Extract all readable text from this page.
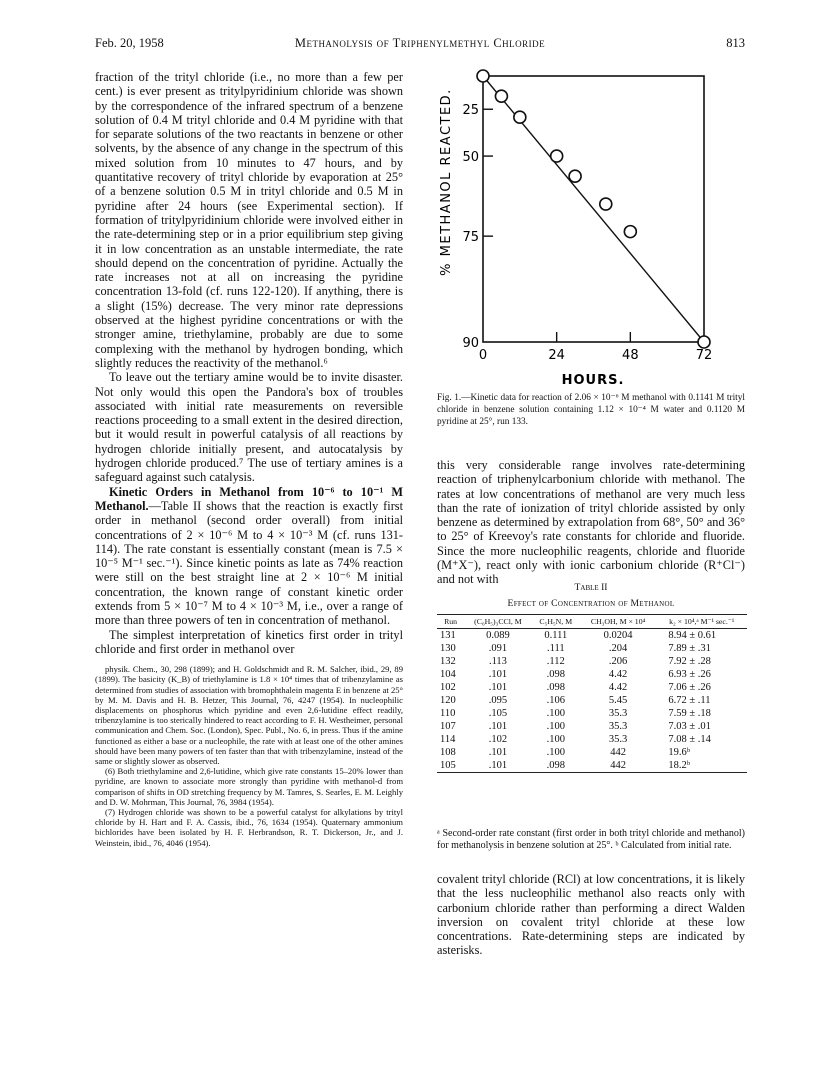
Feb. 20, 1958	Methanolysis of Triphenylmethyl Chloride	813

fraction of the trityl chloride (i.e., no more than a few per cent.) is ever present as tritylpyridinium chloride was shown by the correspondence of the infrared spectrum of a benzene solution of 0.4 M trityl chloride and 0.4 M pyridine with that for separate solutions of the two reactants in benzene or other solvents, by the absence of any change in the spectrum of this mixed solution from 10 minutes to 47 hours, and by quantitative recovery of trityl chloride by evaporation at 25° of a benzene solution 0.5 M in trityl chloride and 0.5 M in pyridine after 24 hours (see Experimental section). If formation of tritylpyridinium chloride were involved either in the rate-determining step or in a prior equilibrium step giving it in low concentration as an unstable intermediate, the rate should depend on the concentration of pyridine. Actually the rate increases not at all on increasing the pyridine concentration 13-fold (cf. runs 122-120). If anything, there is a slight (15%) decrease. The very minor rate depressions observed at the highest pyridine concentrations or with the stronger amine, triethylamine, probably are due to some complexing with the methanol by hydrogen bonding, which slightly reduces the reactivity of the methanol.⁶

To leave out the tertiary amine would be to invite disaster. Not only would this open the Pandora's box of troubles associated with initial rate measurements on reversible reactions proceeding to a small extent in the desired direction, but it would result in powerful catalysis of all reactions by hydrogen chloride initially present, and autocatalysis by hydrogen chloride produced.⁷ The use of tertiary amines is a safeguard against such catalysis.

Kinetic Orders in Methanol from 10⁻⁶ to 10⁻¹ M Methanol.—Table II shows that the reaction is exactly first order in methanol (second order overall) from initial concentrations of 2 × 10⁻⁶ M to 4 × 10⁻³ M (cf. runs 131-114). The rate constant is essentially constant (mean is 7.5 × 10⁻⁵ M⁻¹ sec.⁻¹). Since kinetic points as late as 74% reaction were still on the best straight line at 2 × 10⁻⁶ M initial concentration, the known range of constant kinetic order extends from 5 × 10⁻⁷ M to 4 × 10⁻³ M, i.e., over a range of more than three powers of ten in concentration of methanol.

The simplest interpretation of kinetics first order in trityl chloride and first order in methanol over

physik. Chem., 30, 298 (1899); and H. Goldschmidt and R. M. Salcher, ibid., 29, 89 (1899). The basicity (K_B) of triethylamine is 1.8 × 10⁴ times that of tribenzylamine as determined from studies of association with bromophthalein magenta E in benzene at 25° by M. M. Davis and H. B. Hetzer, This Journal, 76, 4247 (1954). In nucleophilic displacements on phosphorus which pyridine and even 2,6-lutidine effect readily, tribenzylamine is too sterically hindered to react according to F. H. Westheimer, personal communication and Chem. Soc. (London), Spec. Publ., No. 6, in press. Thus if the amine functioned as either a base or a nucleophile, the rate with at least one of the other amines should have been many powers of ten faster than that with tribenzylamine, instead of the same or slightly slower as observed.

(6) Both triethylamine and 2,6-lutidine, which give rate constants 15–20% lower than pyridine, are known to associate more strongly than pyridine with methanol-d from comparison of shifts in OD stretching frequency by M. Tamres, S. Searles, E. M. Leighly and D. W. Mohrman, This Journal, 76, 3984 (1954).

(7) Hydrogen chloride was shown to be a powerful catalyst for alkylations by trityl chloride by H. Hart and F. A. Cassis, ibid., 76, 1634 (1954). Quaternary ammonium bichlorides have been isolated by H. F. Herbrandson, R. T. Dickerson, Jr., and J. Weinstein, ibid., 76, 4046 (1954).

25
50
75
90
0	24	48	72
% METHANOL REACTED.
HOURS.
Fig. 1.—Kinetic data for reaction of 2.06 × 10⁻⁶ M methanol with 0.1141 M trityl chloride in benzene solution containing 1.12 × 10⁻⁴ M water and 0.1120 M pyridine at 25°, run 133.
this very considerable range involves rate-determining reaction of triphenylcarbonium chloride with methanol. The rates at low concentrations of methanol are very much less than the rate of ionization of trityl chloride assisted by only benzene as determined by extrapolation from 68°, 50° and 36° to 25° of Kreevoy's rate constants for chloride and fluoride. Since the more nucleophilic reagents, chloride and fluoride (M⁺X⁻), react only with ionic carbonium chloride (R⁺Cl⁻) and not with
Table II
Effect of Concentration of Methanol
Run	(C₆H₅)₃CCl, M	C₅H₅N, M	CH₃OH, M × 10⁴	k₂ × 10⁴,ᵃ M⁻¹ sec.⁻¹
131	0.089	0.111	0.0204	8.94 ± 0.61
130	.091	.111	.204	7.89 ± .31
132	.113	.112	.206	7.92 ± .28
104	.101	.098	4.42	6.93 ± .26
102	.101	.098	4.42	7.06 ± .26
120	.095	.106	5.45	6.72 ± .11
110	.105	.100	35.3	7.59 ± .18
107	.101	.100	35.3	7.03 ± .01
114	.102	.100	35.3	7.08 ± .14
108	.101	.100	442	19.6ᵇ
105	.101	.098	442	18.2ᵇ
ᵃ Second-order rate constant (first order in both trityl chloride and methanol) for methanolysis in benzene solution at 25°. ᵇ Calculated from initial rate.
covalent trityl chloride (RCl) at low concentrations, it is likely that the less nucleophilic methanol also reacts only with carbonium chloride rather than performing a direct Walden inversion on covalent trityl chloride at these low concentrations. Rate-determining steps are indicated by asterisks.
